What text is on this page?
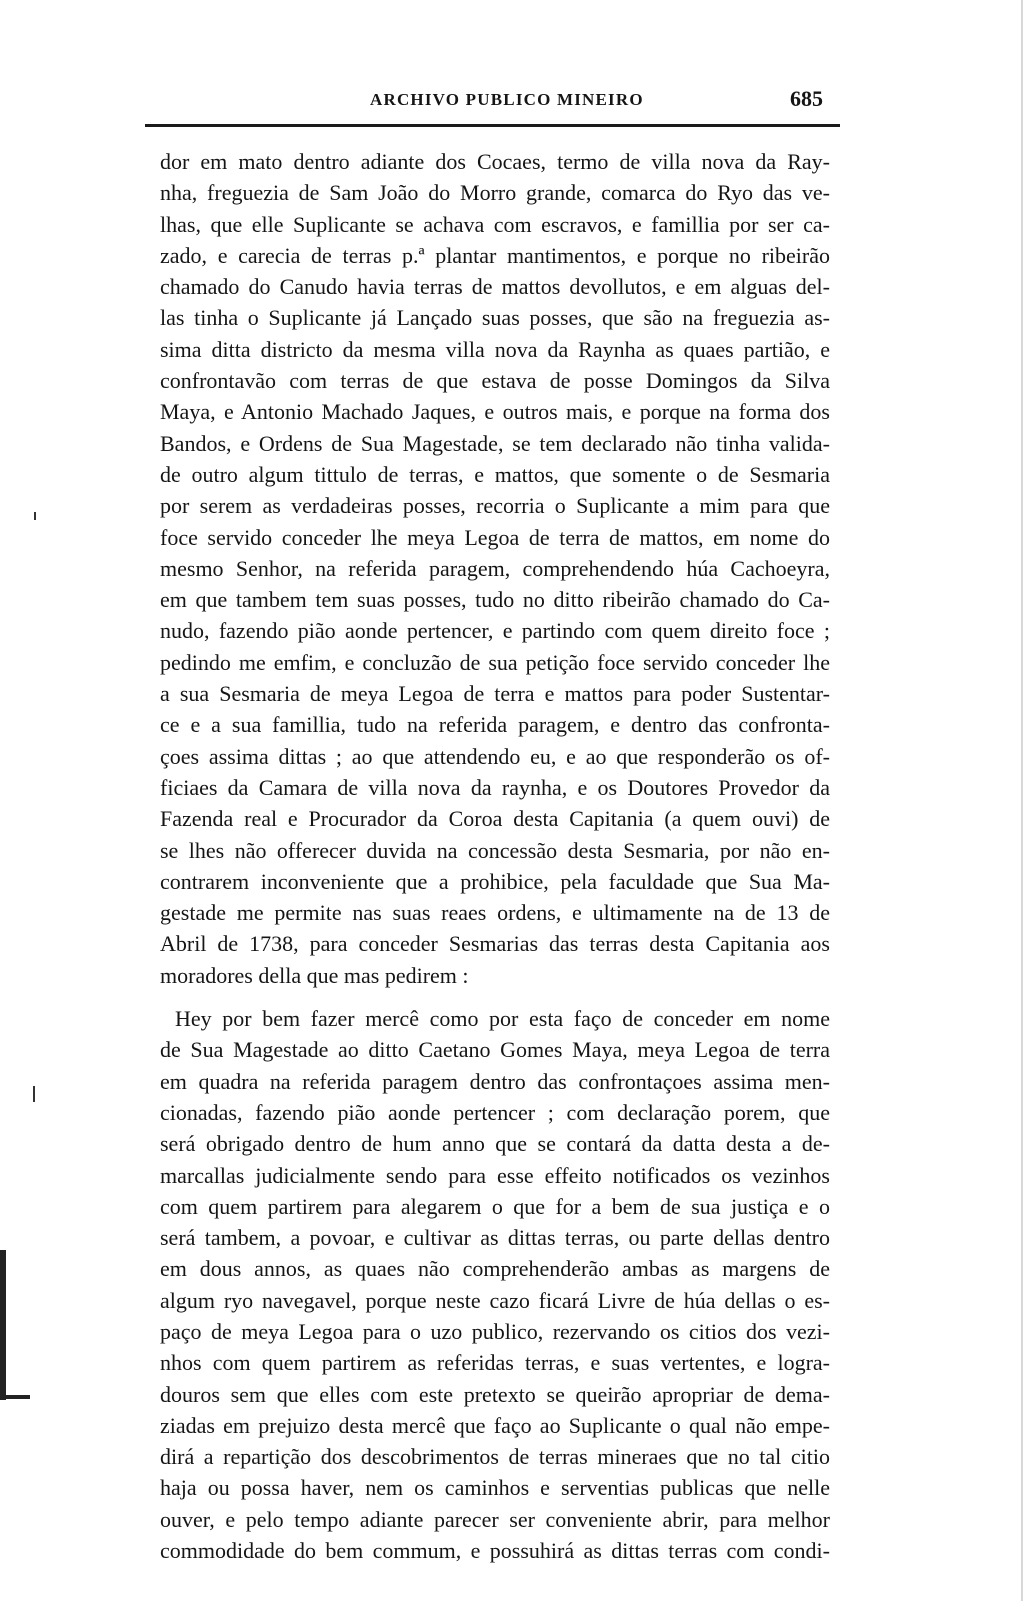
ARCHIVO PUBLICO MINEIRO	685
dor em mato dentro adiante dos Cocaes, termo de villa nova da Ray-
nha, freguezia de Sam João do Morro grande, comarca do Ryo das ve-
lhas, que elle Suplicante se achava com escravos, e famillia por ser ca-
zado, e carecia de terras p.ª plantar mantimentos, e porque no ribeirão
chamado do Canudo havia terras de mattos devollutos, e em alguas del-
las tinha o Suplicante já Lançado suas posses, que são na freguezia as-
sima ditta districto da mesma villa nova da Raynha as quaes partião, e
confrontavão com terras de que estava de posse Domingos da Silva
Maya, e Antonio Machado Jaques, e outros mais, e porque na forma dos
Bandos, e Ordens de Sua Magestade, se tem declarado não tinha valida-
de outro algum tittulo de terras, e mattos, que somente o de Sesmaria
por serem as verdadeiras posses, recorria o Suplicante a mim para que
foce servido conceder lhe meya Legoa de terra de mattos, em nome do
mesmo Senhor, na referida paragem, comprehendendo húa Cachoeyra,
em que tambem tem suas posses, tudo no ditto ribeirão chamado do Ca-
nudo, fazendo pião aonde pertencer, e partindo com quem direito foce ;
pedindo me emfim, e concluzão de sua petição foce servido conceder lhe
a sua Sesmaria de meya Legoa de terra e mattos para poder Sustentar-
ce e a sua famillia, tudo na referida paragem, e dentro das confronta-
çoes assima dittas ; ao que attendendo eu, e ao que responderão os of-
ficiaes da Camara de villa nova da raynha, e os Doutores Provedor da
Fazenda real e Procurador da Coroa desta Capitania (a quem ouvi) de
se lhes não offerecer duvida na concessão desta Sesmaria, por não en-
contrarem inconveniente que a prohibice, pela faculdade que Sua Ma-
gestade me permite nas suas reaes ordens, e ultimamente na de 13 de
Abril de 1738, para conceder Sesmarias das terras desta Capitania aos
moradores della que mas pedirem :
Hey por bem fazer mercê como por esta faço de conceder em nome
de Sua Magestade ao ditto Caetano Gomes Maya, meya Legoa de terra
em quadra na referida paragem dentro das confrontaçoes assima men-
cionadas, fazendo pião aonde pertencer ; com declaração porem, que
será obrigado dentro de hum anno que se contará da datta desta a de-
marcallas judicialmente sendo para esse effeito notificados os vezinhos
com quem partirem para alegarem o que for a bem de sua justiça e o
será tambem, a povoar, e cultivar as dittas terras, ou parte dellas dentro
em dous annos, as quaes não comprehenderão ambas as margens de
algum ryo navegavel, porque neste cazo ficará Livre de húa dellas o es-
paço de meya Legoa para o uzo publico, rezervando os citios dos vezi-
nhos com quem partirem as referidas terras, e suas vertentes, e logra-
douros sem que elles com este pretexto se queirão apropriar de dema-
ziadas em prejuizo desta mercê que faço ao Suplicante o qual não empe-
dirá a repartição dos descobrimentos de terras mineraes que no tal citio
haja ou possa haver, nem os caminhos e serventias publicas que nelle
ouver, e pelo tempo adiante parecer ser conveniente abrir, para melhor
commodidade do bem commum, e possuhirá as dittas terras com condi-
